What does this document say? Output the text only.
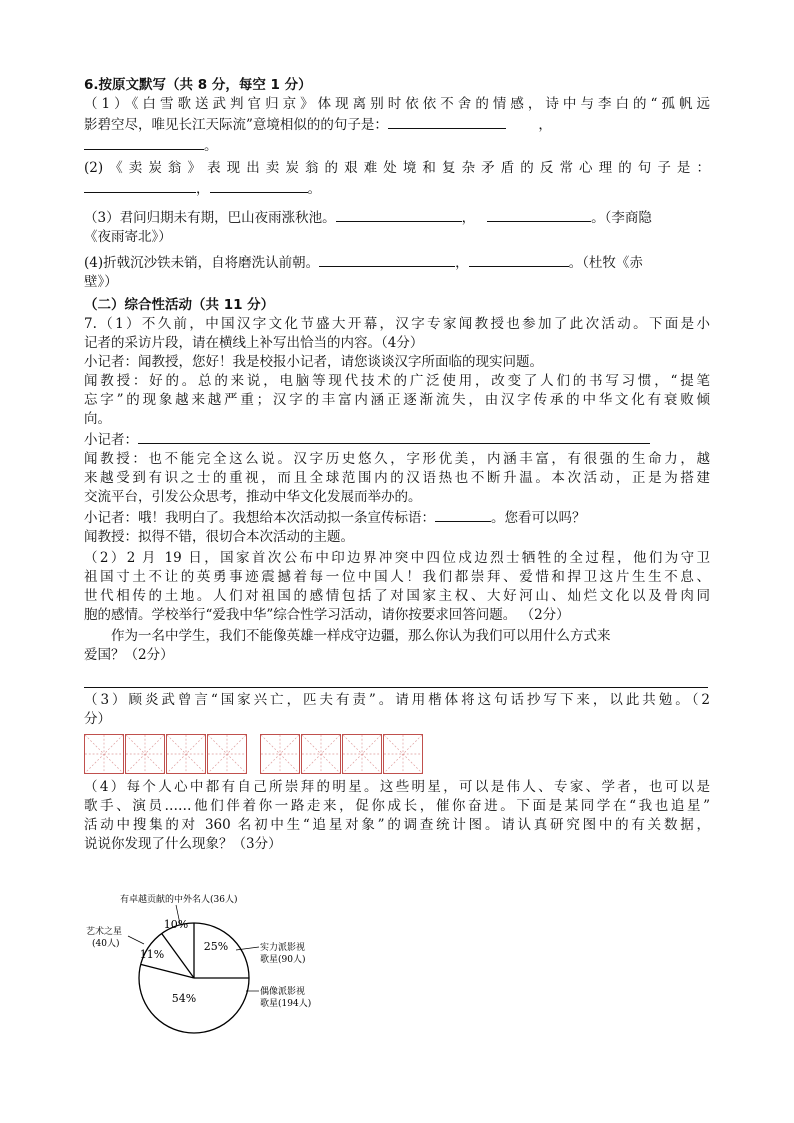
6.按原文默写（共 8 分，每空 1 分）

（1）《白雪歌送武判官归京》体现离别时依依不舍的情感，诗中与李白的“孤帆远

影碧空尽，唯见长江天际流”意境相似的的句子是：	，

。

(2)《卖炭翁》表现出卖炭翁的艰难处境和复杂矛盾的反常心理的句子是：

，	。

（3）君问归期未有期，巴山夜雨涨秋池。	，	。（李商隐

《夜雨寄北》）

(4)折戟沉沙铁未销，自将磨洗认前朝。	，	。（杜牧《赤

壁》）

（二）综合性活动（共 11 分）

7.（1）不久前，中国汉字文化节盛大开幕，汉字专家闻教授也参加了此次活动。下面是小

记者的采访片段，请在横线上补写出恰当的内容。（4分）

小记者：闻教授，您好！我是校报小记者，请您谈谈汉字所面临的现实问题。

闻教授：好的。总的来说，电脑等现代技术的广泛使用，改变了人们的书写习惯，“提笔

忘字”的现象越来越严重；汉字的丰富内涵正逐渐流失，由汉字传承的中华文化有衰败倾

向。

小记者：

闻教授：也不能完全这么说。汉字历史悠久，字形优美，内涵丰富，有很强的生命力，越

来越受到有识之士的重视，而且全球范围内的汉语热也不断升温。本次活动，正是为搭建

交流平台，引发公众思考，推动中华文化发展而举办的。

小记者：哦！我明白了。我想给本次活动拟一条宣传标语：	。您看可以吗？

闻教授：拟得不错，很切合本次活动的主题。

（2）2 月 19 日，国家首次公布中印边界冲突中四位戍边烈士牺牲的全过程，他们为守卫

祖国寸土不让的英勇事迹震撼着每一位中国人！我们都崇拜、爱惜和捍卫这片生生不息、

世代相传的土地。人们对祖国的感情包括了对国家主权、大好河山、灿烂文化以及骨肉同

胞的感情。学校举行“爱我中华”综合性学习活动，请你按要求回答问题。 （2分）

作为一名中学生，我们不能像英雄一样戍守边疆，那么你认为我们可以用什么方式来

爱国？（2分）

（3）顾炎武曾言“国家兴亡，匹夫有责”。请用楷体将这句话抄写下来，以此共勉。（2

分）

（4）每个人心中都有自己所崇拜的明星。这些明星，可以是伟人、专家、学者，也可以是

歌手、演员……他们伴着你一路走来，促你成长，催你奋进。下面是某同学在“我也追星”

活动中搜集的对 360 名初中生“追星对象”的调查统计图。请认真研究图中的有关数据，

说说你发现了什么现象？（3分）

10%
25%
54%
11%
有卓越贡献的中外名人(36人)
实力派影视
歌星(90人)
偶像派影视
歌星(194人)
艺术之星
(40人)
